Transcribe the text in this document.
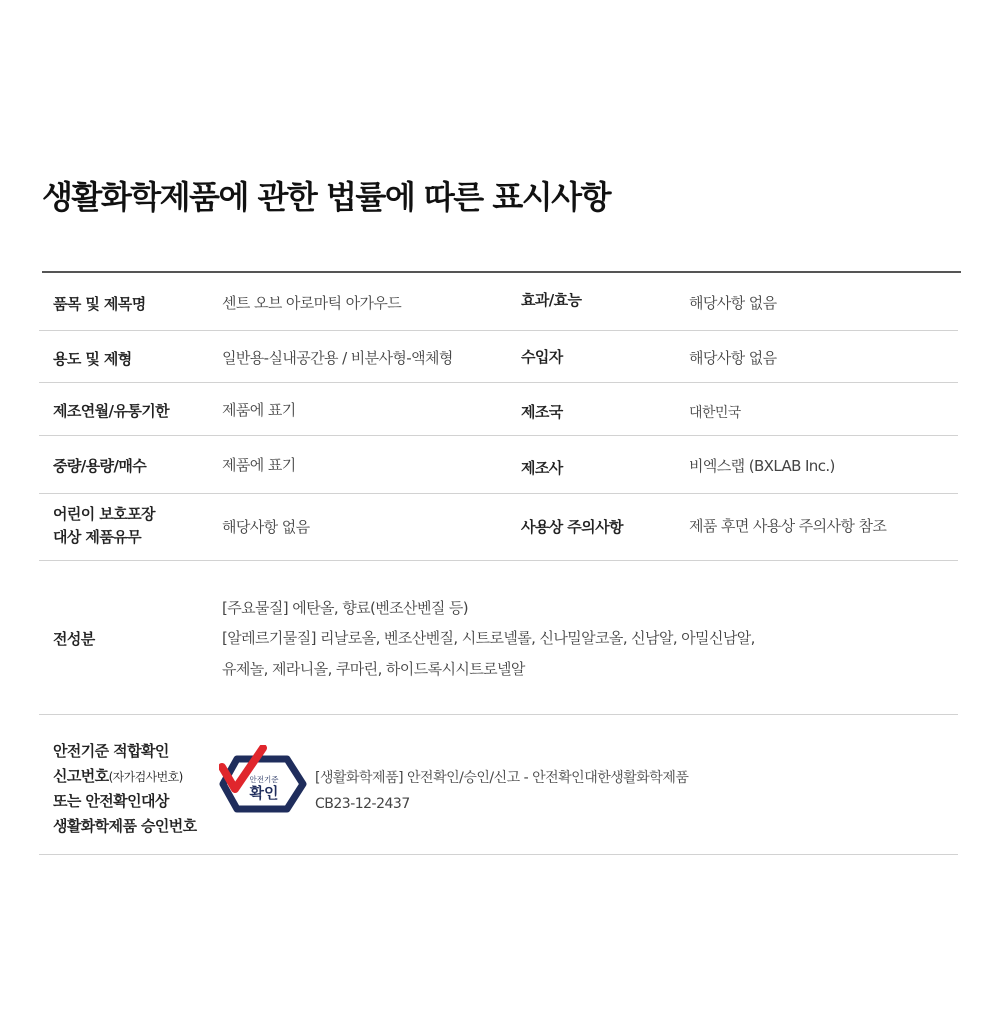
생활화학제품에 관한 법률에 따른 표시사항
품목 및 제목명	센트 오브 아로마틱 아가우드	효과/효능	해당사항 없음
용도 및 제형	일반용-실내공간용 / 비분사형-액체형	수입자	해당사항 없음
제조연월/유통기한	제품에 표기	제조국	대한민국
중량/용량/매수	제품에 표기	제조사	비엑스랩 (BXLAB Inc.)
어린이 보호포장
대상 제품유무
해당사항 없음	사용상 주의사항	제품 후면 사용상 주의사항 참조
전성분
[주요물질] 에탄올, 향료(벤조산벤질 등)
[알레르기물질] 리날로올, 벤조산벤질, 시트로넬롤, 신나밀알코올, 신남알, 아밀신남알,
유제놀, 제라니올, 쿠마린, 하이드록시시트로넬알
안전기준 적합확인
신고번호(자가검사번호)
또는 안전확인대상
생활화학제품 승인번호
안전기준
확인
[생활화학제품] 안전확인/승인/신고 - 안전확인대한생활화학제품
CB23-12-2437
